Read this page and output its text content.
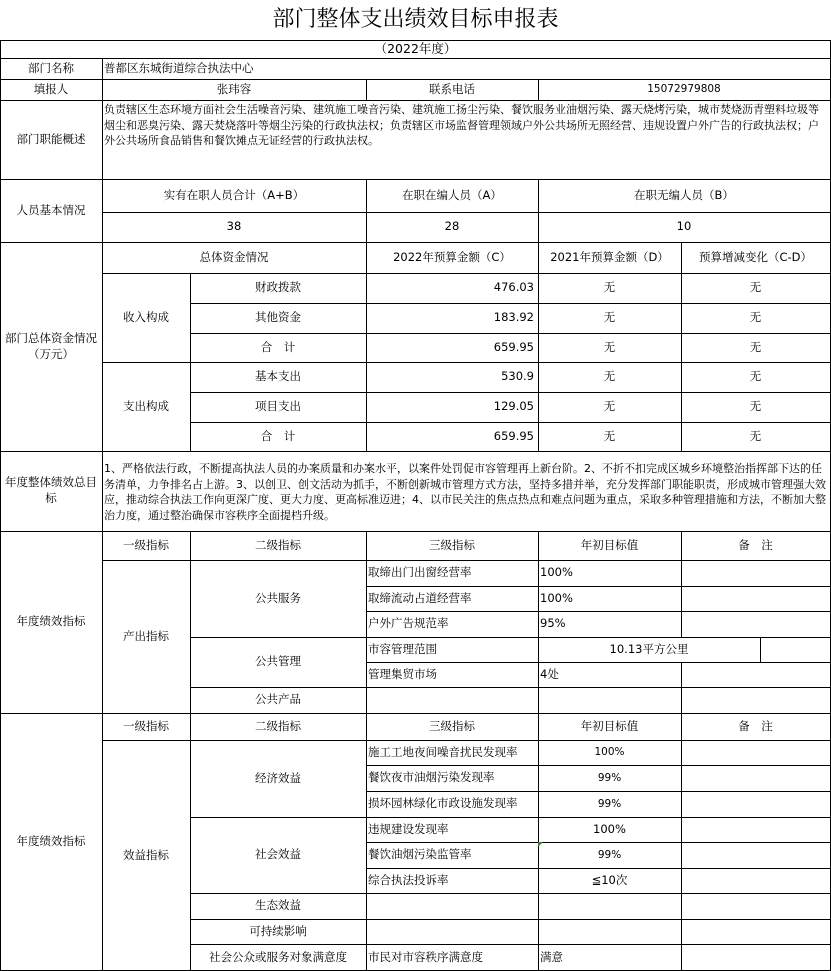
部门整体支出绩效目标申报表
（2022年度）
部门名称	普都区东城街道综合执法中心
填报人	张玮容	联系电话	15072979808
部门职能概述
负责辖区生态环境方面社会生活噪音污染、建筑施工噪音污染、建筑施工扬尘污染、餐饮服务业油烟污染、露天烧烤污染，城市焚烧沥青塑料垃圾等烟尘和恶臭污染、露天焚烧落叶等烟尘污染的行政执法权；负责辖区市场监督管理领域户外公共场所无照经营、违规设置户外广告的行政执法权；户外公共场所食品销售和餐饮摊点无证经营的行政执法权。
人员基本情况
实有在职人员合计（A+B）	在职在编人员（A）	在职无编人员（B）
38	28	10
部门总体资金情况（万元）
总体资金情况	2022年预算金额（C）	2021年预算金额（D）	预算增减变化（C-D）
收入构成
财政拨款	476.03	无	无
其他资金	183.92	无	无
合　计	659.95	无	无
支出构成
基本支出	530.9	无	无
项目支出	129.05	无	无
合　计	659.95	无	无
年度整体绩效总目标
1、严格依法行政，不断提高执法人员的办案质量和办案水平，以案件处罚促市容管理再上新台阶。2、不折不扣完成区城乡环境整治指挥部下达的任务清单，力争排名占上游。3、以创卫、创文活动为抓手，不断创新城市管理方式方法，坚持多措并举，充分发挥部门职能职责，形成城市管理强大效应，推动综合执法工作向更深广度、更大力度、更高标准迈进；4、以市民关注的焦点热点和难点问题为重点，采取多种管理措施和方法，不断加大整治力度，通过整治确保市容秩序全面提档升级。
年度绩效指标
一级指标	二级指标	三级指标	年初目标值	备　注
产出指标
公共服务
取缔出门出窗经营率	100%
取缔流动占道经营率	100%
户外广告规范率	95%
公共管理
市容管理范围	10.13平方公里
管理集贸市场	4处
公共产品
年度绩效指标
一级指标	二级指标	三级指标	年初目标值	备　注
效益指标
经济效益
施工工地夜间噪音扰民发现率	100%
餐饮夜市油烟污染发现率	99%
损坏园林绿化市政设施发现率	99%
社会效益
违规建设发现率	100%
餐饮油烟污染监管率	99%
综合执法投诉率	≦10次
生态效益
可持续影响
社会公众或服务对象满意度	市民对市容秩序满意度	满意
